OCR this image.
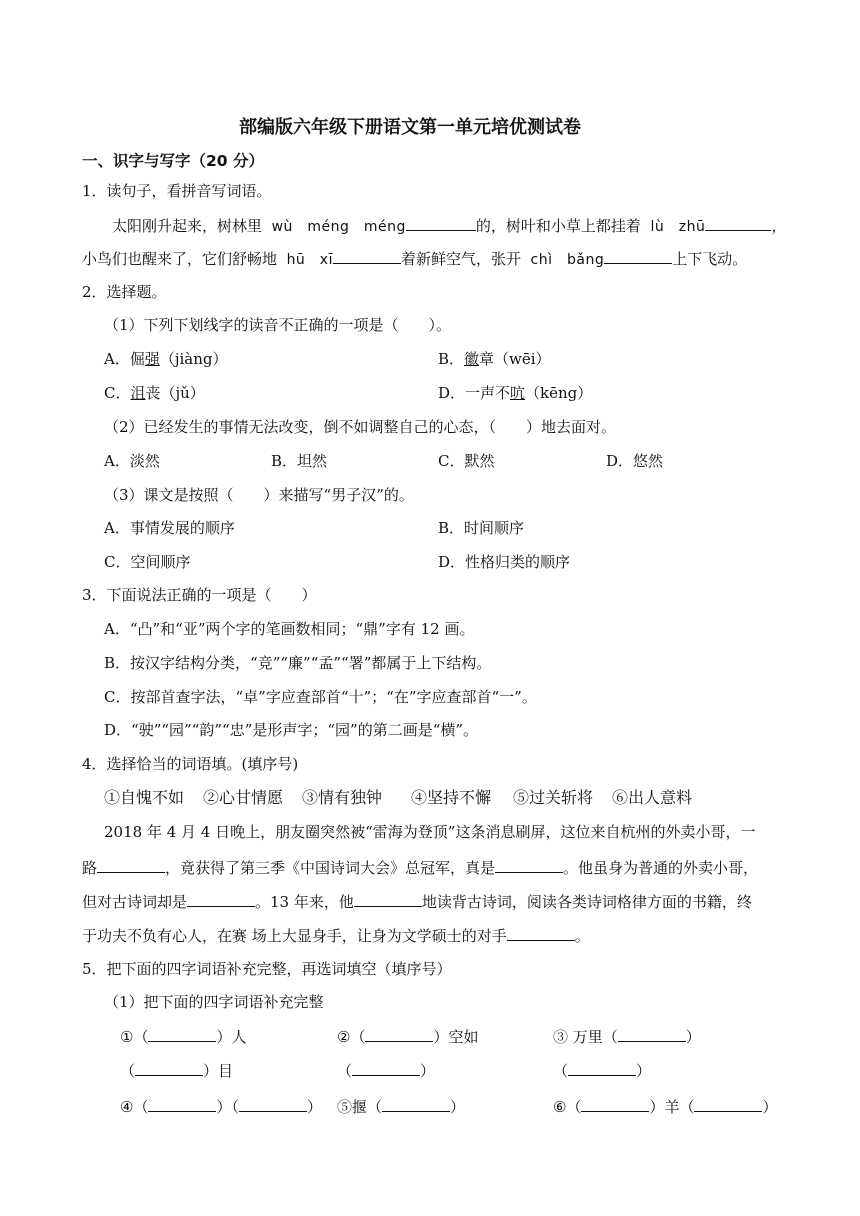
部编版六年级下册语文第一单元培优测试卷
一、识字与写字（20 分）
1．读句子，看拼音写词语。
太阳刚升起来，树林里 wù　méng　méng	的，树叶和小草上都挂着 lù　zhū	，
小鸟们也醒来了，它们舒畅地 hū　xī	着新鲜空气，张开 chì　bǎng	上下飞动。
2．选择题。
（1）下列下划线字的读音不正确的一项是（　　）。
A．倔强（jiàng）	B．徽章（wēi）
C．沮丧（jǔ）	D．一声不吭（kēng）
（2）已经发生的事情无法改变，倒不如调整自己的心态，（　　）地去面对。
A．淡然	B．坦然	C．默然	D．悠然
（3）课文是按照（　　）来描写“男子汉”的。
A．事情发展的顺序	B．时间顺序
C．空间顺序	D．性格归类的顺序
3．下面说法正确的一项是（　　）
A．“凸”和“亚”两个字的笔画数相同；“鼎”字有 12 画。
B．按汉字结构分类，“竞”“廉”“孟”“署”都属于上下结构。
C．按部首查字法，“卓”字应查部首“十”；“在”字应查部首“一”。
D．“驶”“园”“韵”“忠”是形声字；“园”的第二画是“横”。
4．选择恰当的词语填。(填序号)
①自愧不如 ②心甘情愿 ③情有独钟 ④坚持不懈 ⑤过关斩将 ⑥出人意料
2018 年 4 月 4 日晚上，朋友圈突然被“雷海为登顶”这条消息刷屏，这位来自杭州的外卖小哥，一
路	，竟获得了第三季《中国诗词大会》总冠军，真是	。他虽身为普通的外卖小哥，
但对古诗词却是	。13 年来，他	地读背古诗词，阅读各类诗词格律方面的书籍，终
于功夫不负有心人，在赛 场上大显身手，让身为文学硕士的对手	。
5．把下面的四字词语补充完整，再选词填空（填序号）
（1）把下面的四字词语补充完整
①（	）人	②（	）空如	③ 万里（	）
（	）目	（	）	（	）
④（	）（	） ⑤揠（	）	⑥（	）羊（	）
